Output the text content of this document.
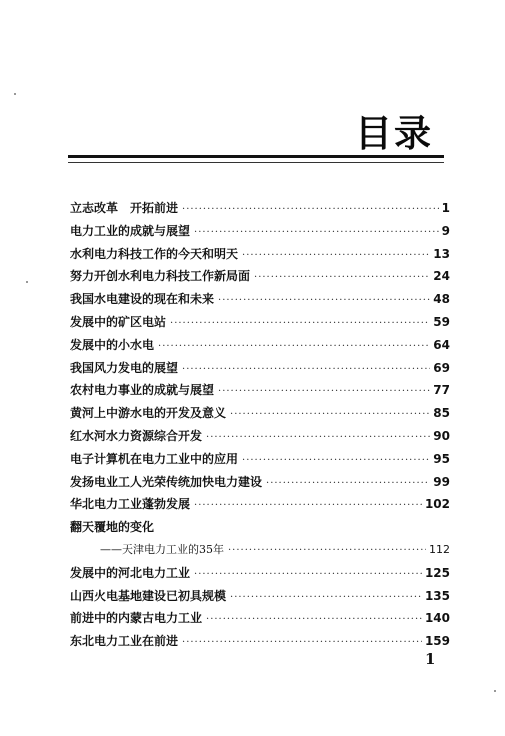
目录
立志改革　开拓前进 ·····	1
电力工业的成就与展望 ·····	9
水利电力科技工作的今天和明天 ·····	13
努力开创水利电力科技工作新局面 ·····	24
我国水电建设的现在和未来 ·····	48
发展中的矿区电站 ·····	59
发展中的小水电 ·····	64
我国风力发电的展望 ·····	69
农村电力事业的成就与展望 ·····	77
黄河上中游水电的开发及意义 ·····	85
红水河水力资源综合开发 ·····	90
电子计算机在电力工业中的应用 ·····	95
发扬电业工人光荣传统加快电力建设 ·····	99
华北电力工业蓬勃发展 ·····	102
翻天覆地的变化
——天津电力工业的35年 ·····	112
发展中的河北电力工业 ·····	125
山西火电基地建设已初具规模 ·····	135
前进中的内蒙古电力工业 ·····	140
东北电力工业在前进 ·····	159
1
